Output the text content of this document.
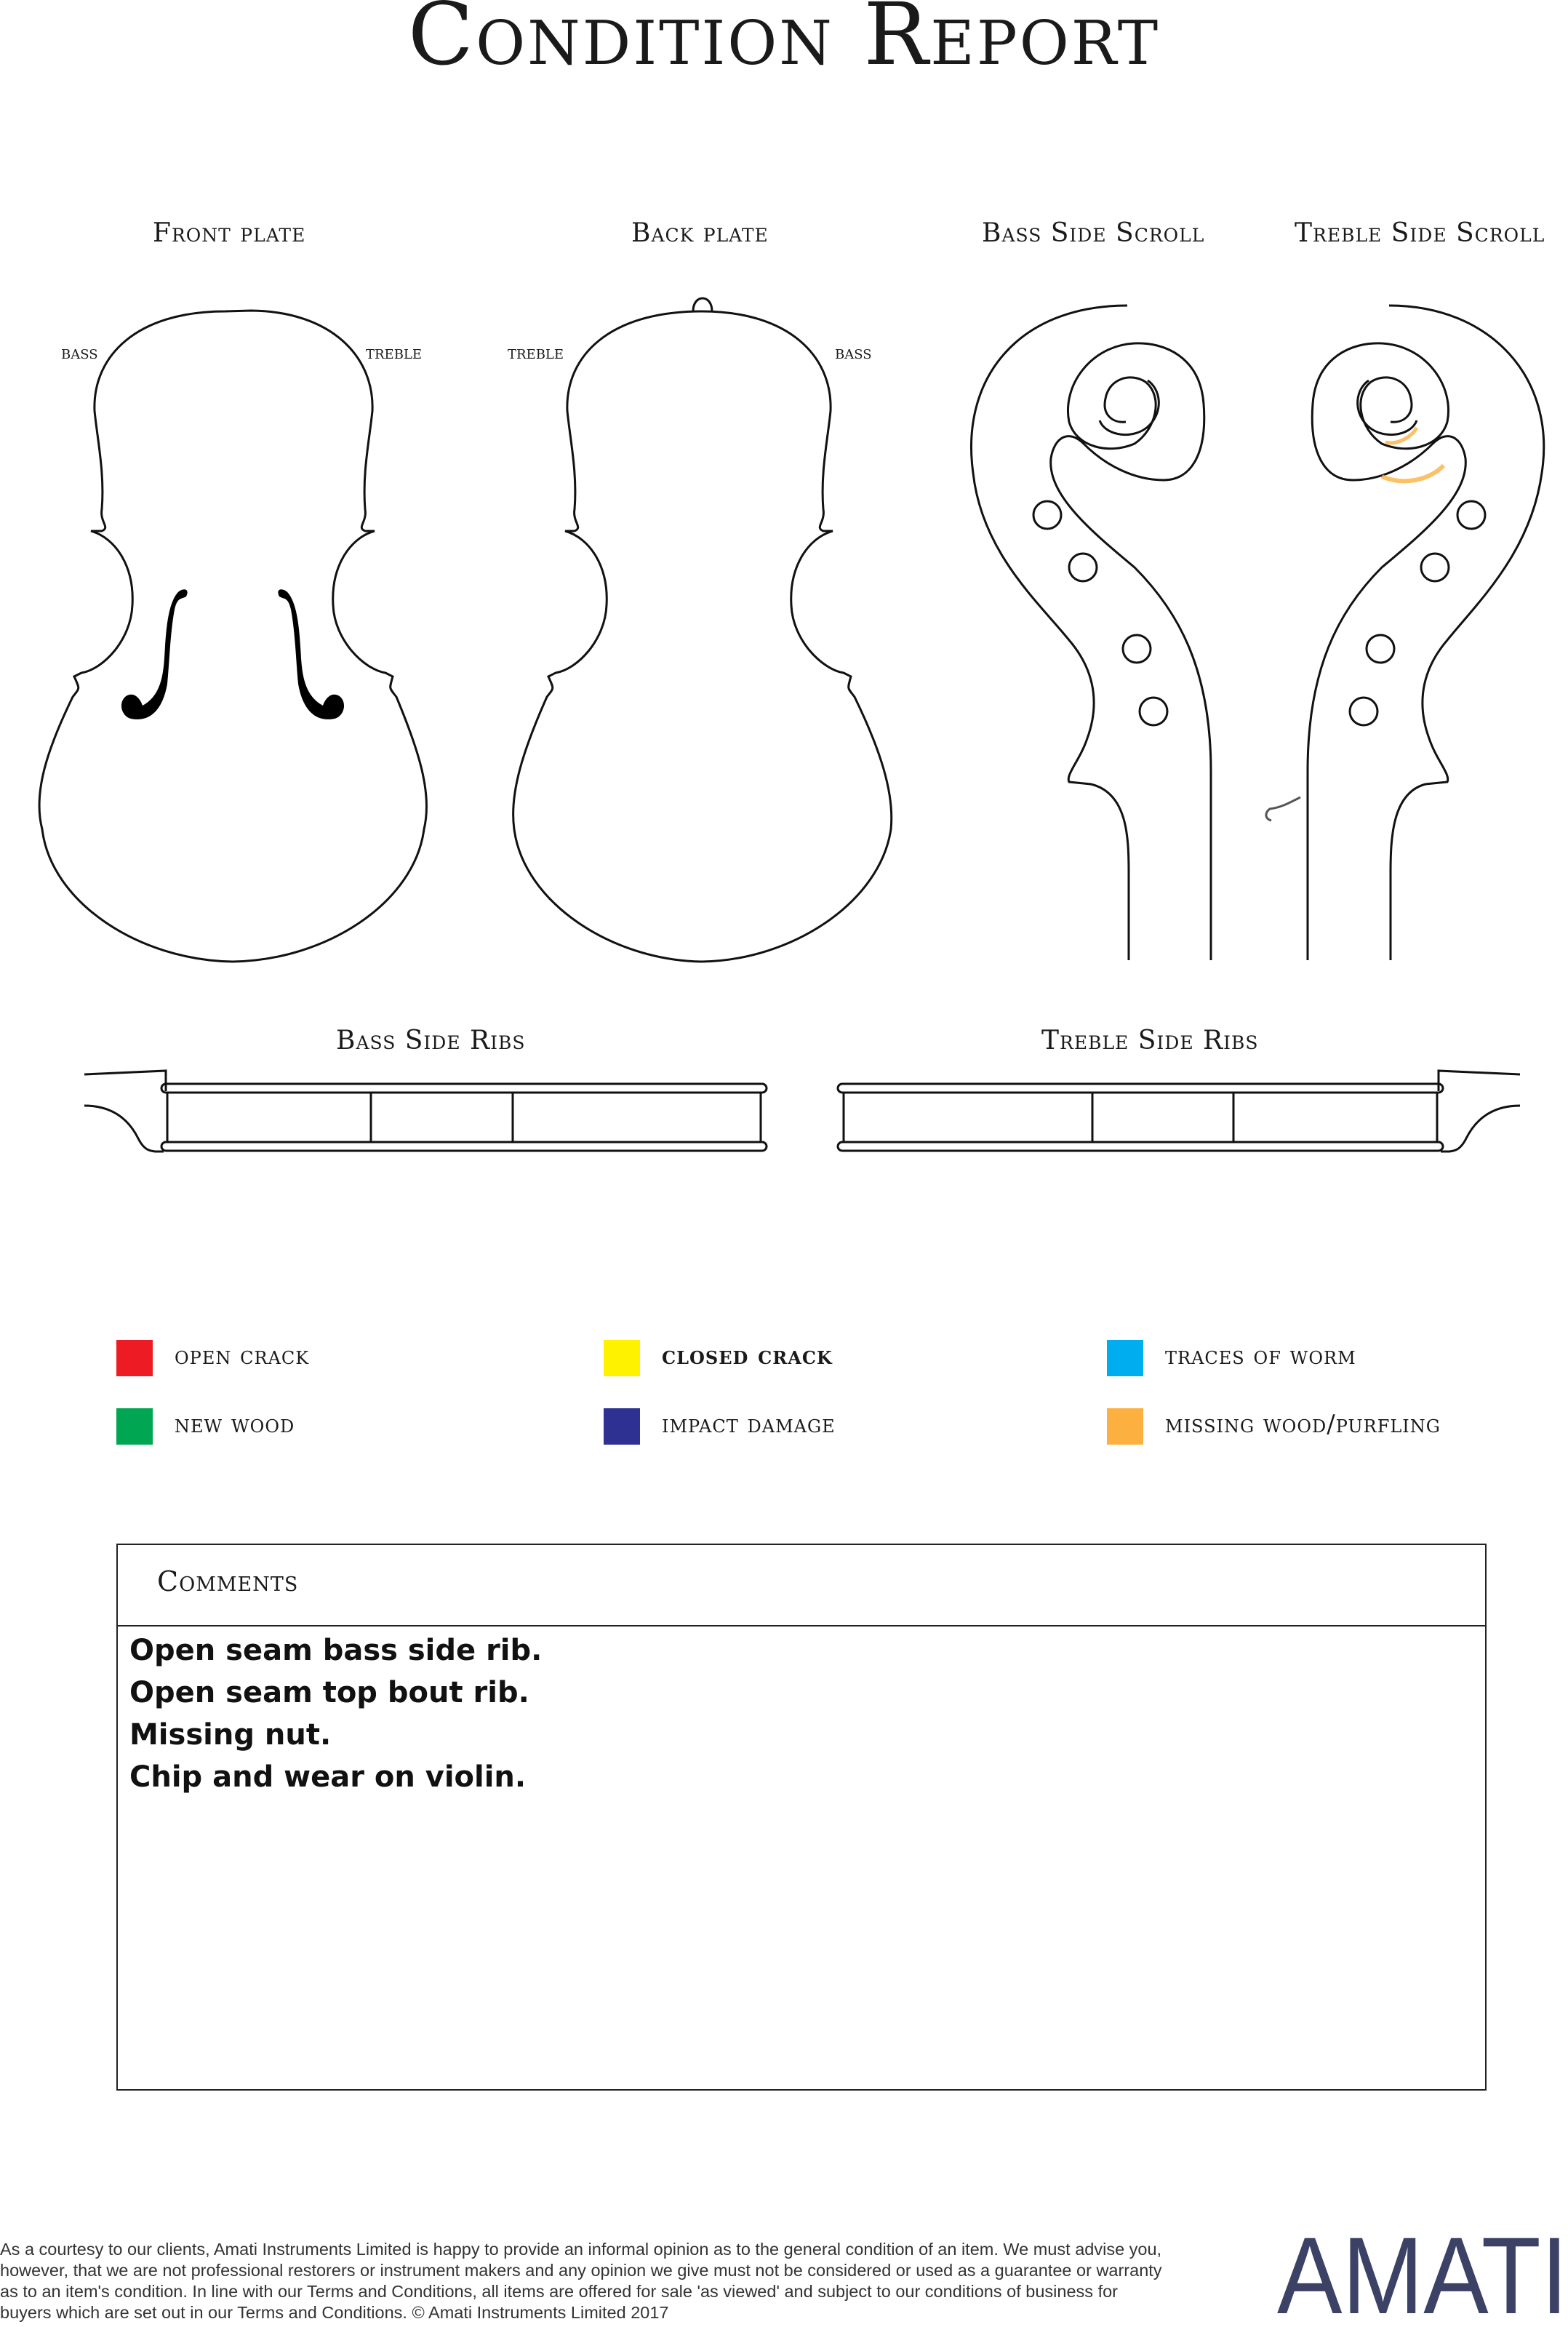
Condition Report
Front plate	Back plate	Bass Side Scroll	Treble Side Scroll
Bass Side Ribs	Treble Side Ribs
bass	treble	treble	bass
open crack	closed crack	traces of worm
new wood	impact damage	missing wood/purfling
Comments
Open seam bass side rib.
Open seam top bout rib.
Missing nut.
Chip and wear on violin.
As a courtesy to our clients, Amati Instruments Limited is happy to provide an informal opinion as to the general condition of an item. We must advise you, however, that we are not professional restorers or instrument makers and any opinion we give must not be considered or used as a guarantee or warranty as to an item's condition. In line with our Terms and Conditions, all items are offered for sale 'as viewed' and subject to our conditions of business for buyers which are set out in our Terms and Conditions. © Amati Instruments Limited 2017	AMATI
